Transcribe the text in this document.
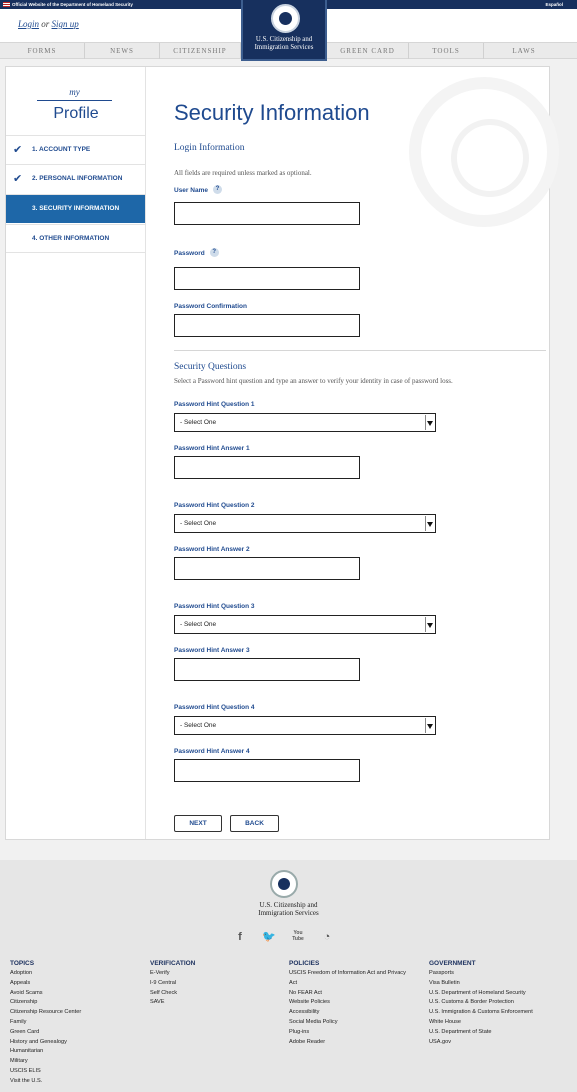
Official Website of the Department of Homeland Security	Español
Login or Sign up
FORMS	NEWS	CITIZENSHIP	GREEN CARD	TOOLS	LAWS
U.S. Citizenship and
Immigration Services
my
Profile
✔ 1. ACCOUNT TYPE
✔ 2. PERSONAL INFORMATION
3. SECURITY INFORMATION
4. OTHER INFORMATION
Security Information
Login Information
All fields are required unless marked as optional.
User Name ?
Password ?
Password Confirmation
Security Questions
Select a Password hint question and type an answer to verify your identity in case of password loss.
Password Hint Question 1
- Select One
Password Hint Answer 1
Password Hint Question 2
- Select One
Password Hint Answer 2
Password Hint Question 3
- Select One
Password Hint Answer 3
Password Hint Question 4
- Select One
Password Hint Answer 4
NEXT	BACK
U.S. Citizenship and
Immigration Services
f	🐦	You Tube	◔
TOPICS
Adoption
Appeals
Avoid Scams
Citizenship
Citizenship Resource Center
Family
Green Card
History and Genealogy
Humanitarian
Military
USCIS ELIS
Visit the U.S.
VERIFICATION
E-Verify
I-9 Central
Self Check
SAVE
POLICIES
USCIS Freedom of Information Act and Privacy
Act
No FEAR Act
Website Policies
Accessibility
Social Media Policy
Plug-ins
Adobe Reader
GOVERNMENT
Passports
Visa Bulletin
U.S. Department of Homeland Security
U.S. Customs & Border Protection
U.S. Immigration & Customs Enforcement
White House
U.S. Department of State
USA.gov
